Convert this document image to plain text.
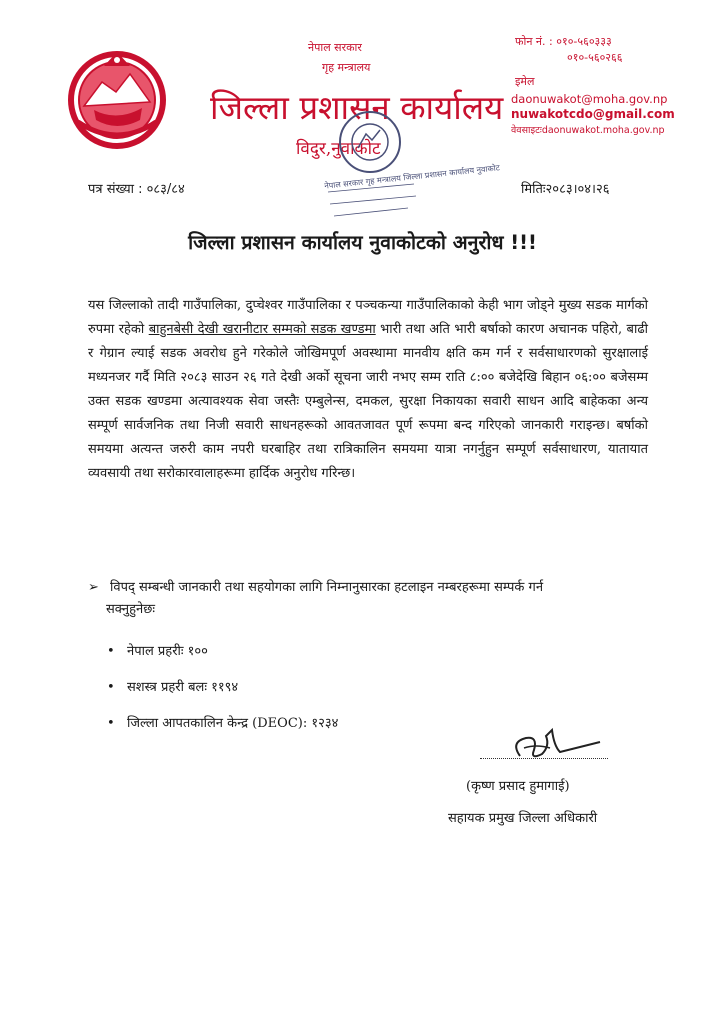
नेपाल सरकार
गृह मन्त्रालय
जिल्ला प्रशासन कार्यालय
विदुर,नुवाकोट
फोन नं. : ०१०-५६०३३३
०१०-५६०२६६
इमेल
daonuwakot@moha.gov.np
nuwakotcdo@gmail.com
वेवसाइटःdaonuwakot.moha.gov.np
नेपाल सरकार गृह मन्त्रालय जिल्ला प्रशासन कार्यालय नुवाकोट
पत्र संख्या : ०८३/८४	मितिः२०८३।०४।२६
जिल्ला प्रशासन कार्यालय नुवाकोटको अनुरोध !!!
यस जिल्लाको तादी गाउँपालिका, दुप्चेश्वर गाउँपालिका र पञ्चकन्या गाउँपालिकाको केही भाग जोड्ने मुख्य सडक मार्गको रुपमा रहेको बाहुनबेसी देखी खरानीटार सम्मको सडक खण्डमा भारी तथा अति भारी बर्षाको कारण अचानक पहिरो, बाढी र गेग्रान ल्याई सडक अवरोध हुने गरेकोले जोखिमपूर्ण अवस्थामा मानवीय क्षति कम गर्न र सर्वसाधारणको सुरक्षालाई मध्यनजर गर्दै मिति २०८३ साउन २६ गते देखी अर्को सूचना जारी नभए सम्म राति ८:०० बजेदेखि बिहान ०६:०० बजेसम्म उक्त सडक खण्डमा अत्यावश्यक सेवा जस्तैः एम्बुलेन्स, दमकल, सुरक्षा निकायका सवारी साधन आदि बाहेकका अन्य सम्पूर्ण सार्वजनिक तथा निजी सवारी साधनहरूको आवतजावत पूर्ण रूपमा बन्द गरिएको जानकारी गराइन्छ। बर्षाको समयमा अत्यन्त जरुरी काम नपरी घरबाहिर तथा रात्रिकालिन समयमा यात्रा नगर्नुहुन सम्पूर्ण सर्वसाधारण, यातायात व्यवसायी तथा सरोकारवालाहरूमा हार्दिक अनुरोध गरिन्छ।
➢ विपद् सम्बन्धी जानकारी तथा सहयोगका लागि निम्नानुसारका हटलाइन नम्बरहरूमा सम्पर्क गर्न
सक्नुहुनेछः
• नेपाल प्रहरीः १००
• सशस्त्र प्रहरी बलः ११९४
• जिल्ला आपतकालिन केन्द्र (DEOC): १२३४
(कृष्ण प्रसाद हुमागाई)
सहायक प्रमुख जिल्ला अधिकारी
